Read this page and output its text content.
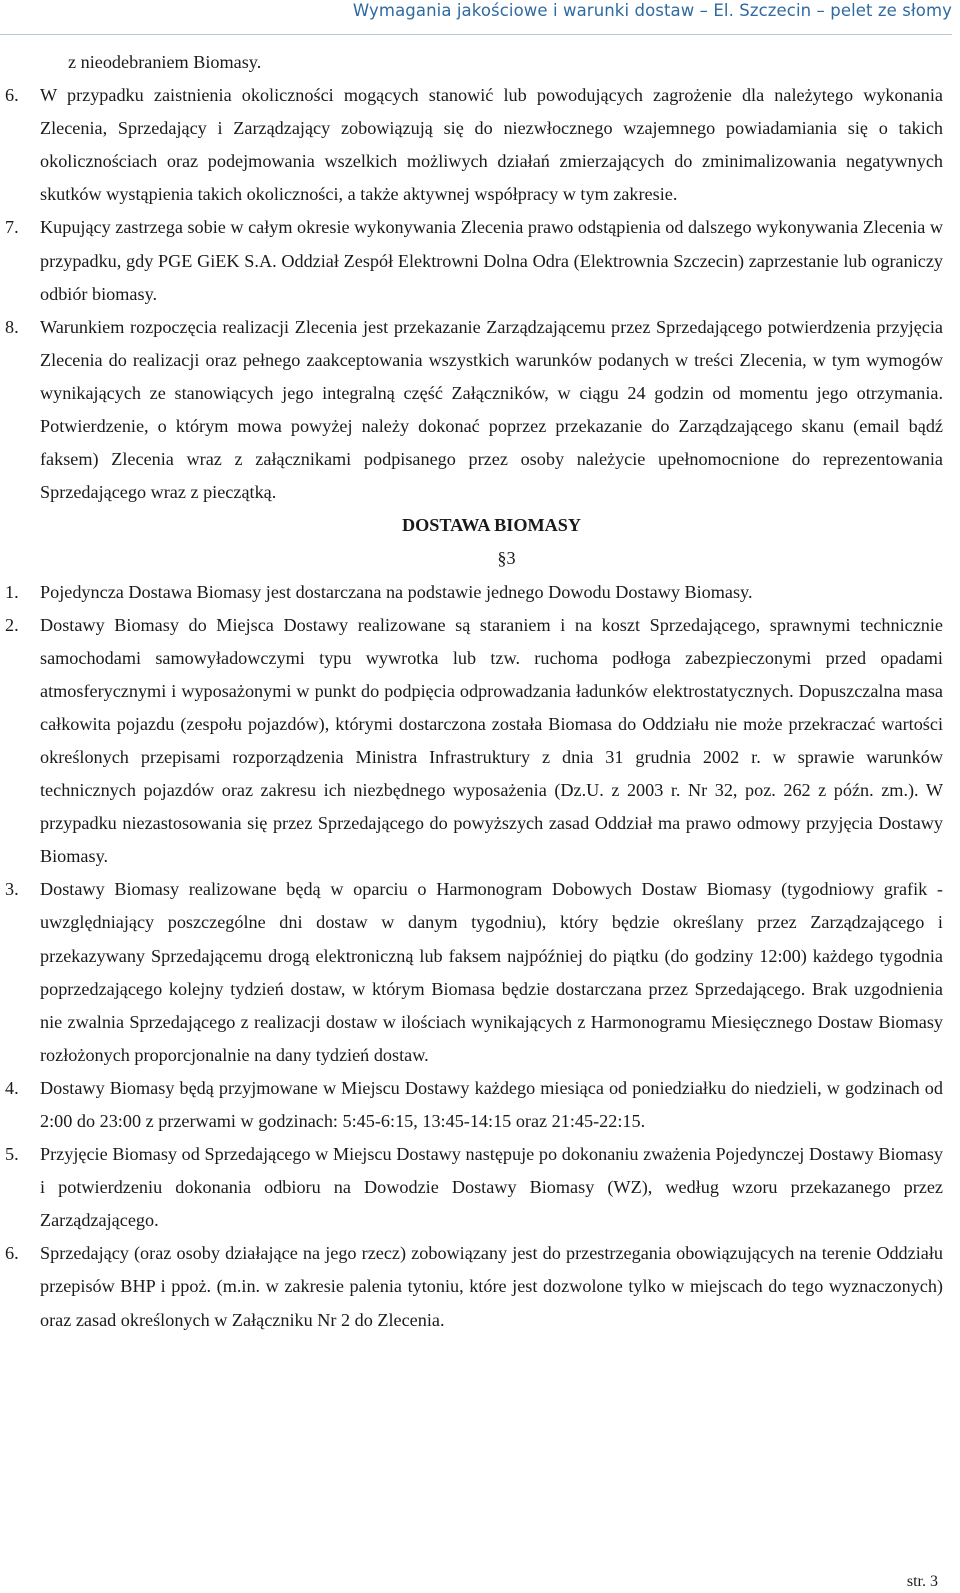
Wymagania jakościowe i warunki dostaw – El. Szczecin – pelet ze słomy

z nieodebraniem Biomasy.

6. W przypadku zaistnienia okoliczności mogących stanowić lub powodujących zagrożenie dla należytego wykonania Zlecenia, Sprzedający i Zarządzający zobowiązują się do niezwłocznego wzajemnego powiadamiania się o takich okolicznościach oraz podejmowania wszelkich możliwych działań zmierzających do zminimalizowania negatywnych skutków wystąpienia takich okoliczności, a także aktywnej współpracy w tym zakresie.
7. Kupujący zastrzega sobie w całym okresie wykonywania Zlecenia prawo odstąpienia od dalszego wykonywania Zlecenia w przypadku, gdy PGE GiEK S.A. Oddział Zespół Elektrowni Dolna Odra (Elektrownia Szczecin) zaprzestanie lub ograniczy odbiór biomasy.
8. Warunkiem rozpoczęcia realizacji Zlecenia jest przekazanie Zarządzającemu przez Sprzedającego potwierdzenia przyjęcia Zlecenia do realizacji oraz pełnego zaakceptowania wszystkich warunków podanych w treści Zlecenia, w tym wymogów wynikających ze stanowiących jego integralną część Załączników, w ciągu 24 godzin od momentu jego otrzymania. Potwierdzenie, o którym mowa powyżej należy dokonać poprzez przekazanie do Zarządzającego skanu (email bądź faksem) Zlecenia wraz z załącznikami podpisanego przez osoby należycie upełnomocnione do reprezentowania Sprzedającego wraz z pieczątką.

DOSTAWA BIOMASY

§3

1. Pojedyncza Dostawa Biomasy jest dostarczana na podstawie jednego Dowodu Dostawy Biomasy.
2. Dostawy Biomasy do Miejsca Dostawy realizowane są staraniem i na koszt Sprzedającego, sprawnymi technicznie samochodami samowyładowczymi typu wywrotka lub tzw. ruchoma podłoga zabezpieczonymi przed opadami atmosferycznymi i wyposażonymi w punkt do podpięcia odprowadzania ładunków elektrostatycznych. Dopuszczalna masa całkowita pojazdu (zespołu pojazdów), którymi dostarczona została Biomasa do Oddziału nie może przekraczać wartości określonych przepisami rozporządzenia Ministra Infrastruktury z dnia 31 grudnia 2002 r. w sprawie warunków technicznych pojazdów oraz zakresu ich niezbędnego wyposażenia (Dz.U. z 2003 r. Nr 32, poz. 262 z późn. zm.). W przypadku niezastosowania się przez Sprzedającego do powyższych zasad Oddział ma prawo odmowy przyjęcia Dostawy Biomasy.
3. Dostawy Biomasy realizowane będą w oparciu o Harmonogram Dobowych Dostaw Biomasy (tygodniowy grafik - uwzględniający poszczególne dni dostaw w danym tygodniu), który będzie określany przez Zarządzającego i przekazywany Sprzedającemu drogą elektroniczną lub faksem najpóźniej do piątku (do godziny 12:00) każdego tygodnia poprzedzającego kolejny tydzień dostaw, w którym Biomasa będzie dostarczana przez Sprzedającego. Brak uzgodnienia nie zwalnia Sprzedającego z realizacji dostaw w ilościach wynikających z Harmonogramu Miesięcznego Dostaw Biomasy rozłożonych proporcjonalnie na dany tydzień dostaw.
4. Dostawy Biomasy będą przyjmowane w Miejscu Dostawy każdego miesiąca od poniedziałku do niedzieli, w godzinach od 2:00 do 23:00 z przerwami w godzinach: 5:45-6:15, 13:45-14:15 oraz 21:45-22:15.
5. Przyjęcie Biomasy od Sprzedającego w Miejscu Dostawy następuje po dokonaniu zważenia Pojedynczej Dostawy Biomasy i potwierdzeniu dokonania odbioru na Dowodzie Dostawy Biomasy (WZ), według wzoru przekazanego przez Zarządzającego.
6. Sprzedający (oraz osoby działające na jego rzecz) zobowiązany jest do przestrzegania obowiązujących na terenie Oddziału przepisów BHP i ppoż. (m.in. w zakresie palenia tytoniu, które jest dozwolone tylko w miejscach do tego wyznaczonych) oraz zasad określonych w Załączniku Nr 2 do Zlecenia.
str. 3
